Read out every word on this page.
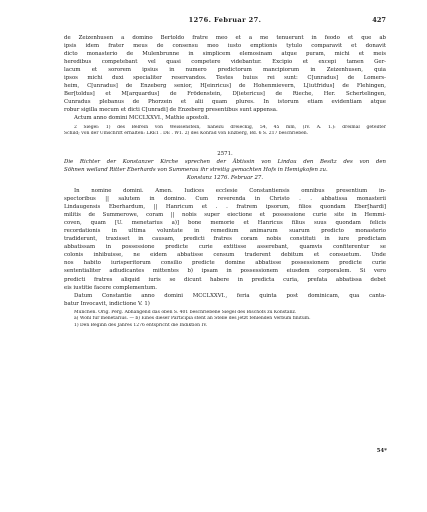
1276. Februar 27.	427
de Zeizenhusen a domino Bertoldo fratre meo et a me tenuerunt in feodo et que ab
ipsis idem frater meus de consensu meo iusto emptionis tytulo comparavit et donavit
dicto monasterio de Mulenbrunne in simplicem elemosinam atque puram, michi et meis
heredibus competebant vel quasi competere videbantur. Excipio et excepi tamen Ger-
lacum et sororem ipsius in numero predictorum mancipiorum in Zeizenhusen, quia
ipsos michi duxi specialiter reservandos. Testes huius rei sunt: C[unradus] de Lomers-
heim, C[unradus] de Enzeberg senior, H[einricus] de Hohenmievern, L[iutfridus] de Flehingen,
Ber[toldus] et M[arquardus] de Frödenstein, D[ietericus] de Rieche, Her. Schertelingen,
Cunradus plebanus de Phorzein et alii quam plures. In istorum etiam evidentiam atque
robur sigilla mecum et dicti C[unradi] de Enzeberg presentibus sunt appensa.
Actum anno domini MCCLXXVI., Mathie apostoli.
2 Siegel: 1) des Belrein von Weissenstein, nahezu dreieckig, 54, 45 mm, (IV. A. 1.): dreimal geteilter
Schild; von der Umschrift erhalten: LRE1 . DE . W1. 2) des Konrad von Enzberg, Bd. 6 S. 217 beschrieben.
2571.
Die Richter der Konstanzer Kirche sprechen der Äbtissin von Lindau den Besitz des von den
Söhnen weiland Ritter Eberhards von Summerau ihr streitig gemachten Hofs in Hemigkofen zu.
Konstanz 1276. Februar 27.
In nomine domini. Amen. Iudices ecclesie Constantiensis omnibus presentium in-
spectoribus || salutem in domino. Cum reverenda in Christo . . abbatissa monasterii
Lindaugensis Eberhardum, || Hanricum et . . fratrem ipsorum, filios quondam Eber[hardi]
militis de Summerowe, coram || nobis super eiectione et possessione curie site in Hemmi-
coven, quam [U. menetarius a)] bone memorie et Hanricus filius suus quondam felicis
recordationis in ultima voluntate in remedium animarum suarum predicto monasterio
tradiderunt, traxisset in causam, predicti fratres coram nobis constituti in iure predictam
abbatissam in possessione predicte curie extitisse asserebant, quamvis confiterentur se
colonis inhibuisse, ne eidem abbatisse censum traderent debitum et consuetum. Unde
nos habito iurisperitorum consilio predicte domine abbatisse possessionem predicte curie
sententialiter adiudicantes mittentes b) ipsam in possessionem eiusdem corporalem. Si vero
predicti fratres aliquid iuris se dicunt habere in predicta curia, prefata abbatissa debet
eis iustitie facere complementum.
Datum Constantie anno domini MCCLXXVI., feria quinta post dominicam, qua canta-
batur Invocavit, indictione V. 1)
München. Orig. Perg. Abhangend das oben S. 401 beschriebene Siegel des Bischofs zu Konstanz.
a) Wohl für menetarius. — b) Eines dieser Participia steht an Stelle des jetzt fehlenden Verbum finitum.
1) Den Beginn des Jahres 1276 entspricht die Indiktion IV.
54*
